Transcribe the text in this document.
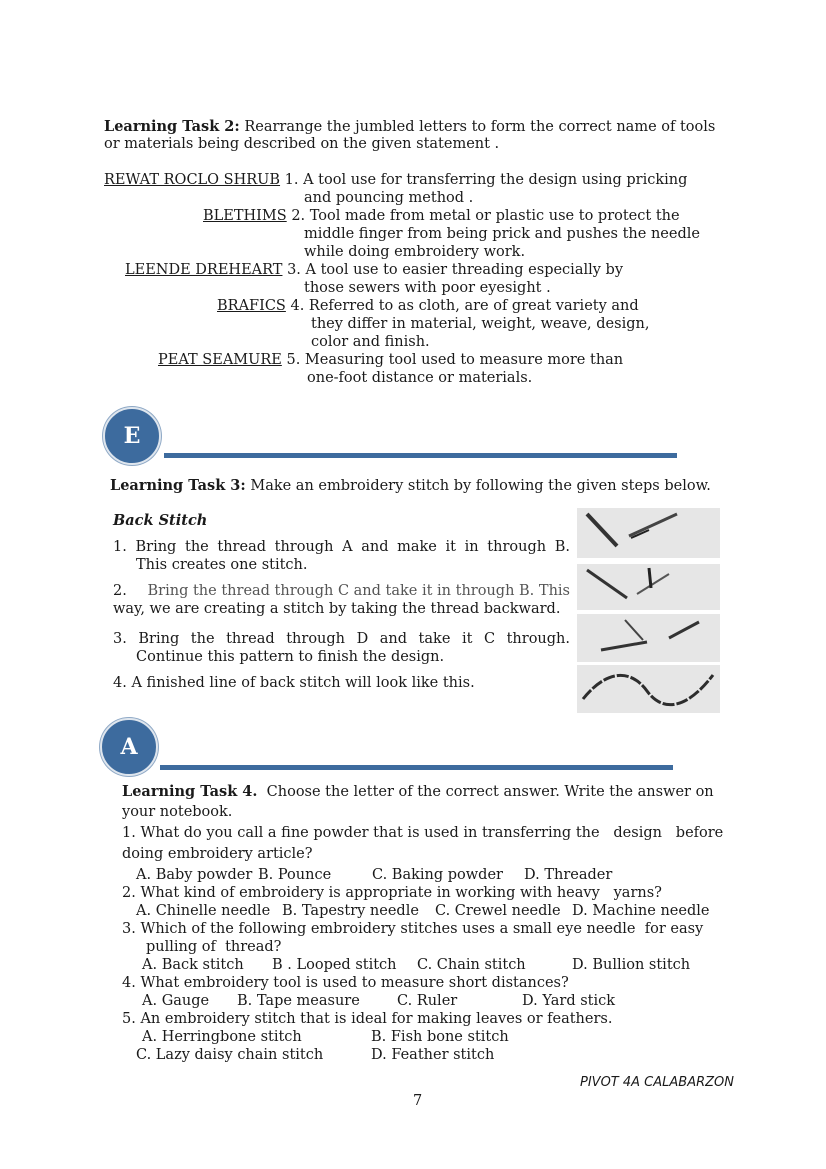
Learning Task 2: Rearrange the jumbled letters to form the correct name of tools
or materials being described on the given statement .
REWAT ROCLO SHRUB 1. A tool use for transferring the design using pricking
and pouncing method .
BLETHIMS 2. Tool made from metal or plastic use to protect the
middle finger from being prick and pushes the needle
while doing embroidery work.
LEENDE DREHEART 3. A tool use to easier threading especially by
those sewers with poor eyesight .
BRAFICS 4. Referred to as cloth, are of great variety and
they differ in material, weight, weave, design,
color and finish.
PEAT SEAMURE 5. Measuring tool used to measure more than
one-foot distance or materials.
E
Learning Task 3: Make an embroidery stitch by following the given steps below.
Back Stitch
1. Bring the thread through A and make it in through B.
This creates one stitch.
2. Bring the thread through C and take it in through B. This
way, we are creating a stitch by taking the thread backward.
3. Bring the thread through D and take it C through.
Continue this pattern to finish the design.
4. A finished line of back stitch will look like this.
A
Learning Task 4. Choose the letter of the correct answer. Write the answer on
your notebook.
1. What do you call a fine powder that is used in transferring the   design   before
doing embroidery article?
A. Baby powder B. Pounce	C. Baking powder D. Threader
2. What kind of embroidery is appropriate in working with heavy   yarns?
A. Chinelle needle B. Tapestry needle C. Crewel needle D. Machine needle
3. Which of the following embroidery stitches uses a small eye needle  for easy
pulling of  thread?
A. Back stitch B . Looped stitch C. Chain stitch	D. Bullion stitch
4. What embroidery tool is used to measure short distances?
A. Gauge B. Tape measure	C. Ruler	D. Yard stick
5. An embroidery stitch that is ideal for making leaves or feathers.
A. Herringbone stitch	B. Fish bone stitch
C. Lazy daisy chain stitch	D. Feather stitch
PIVOT 4A CALABARZON
7
